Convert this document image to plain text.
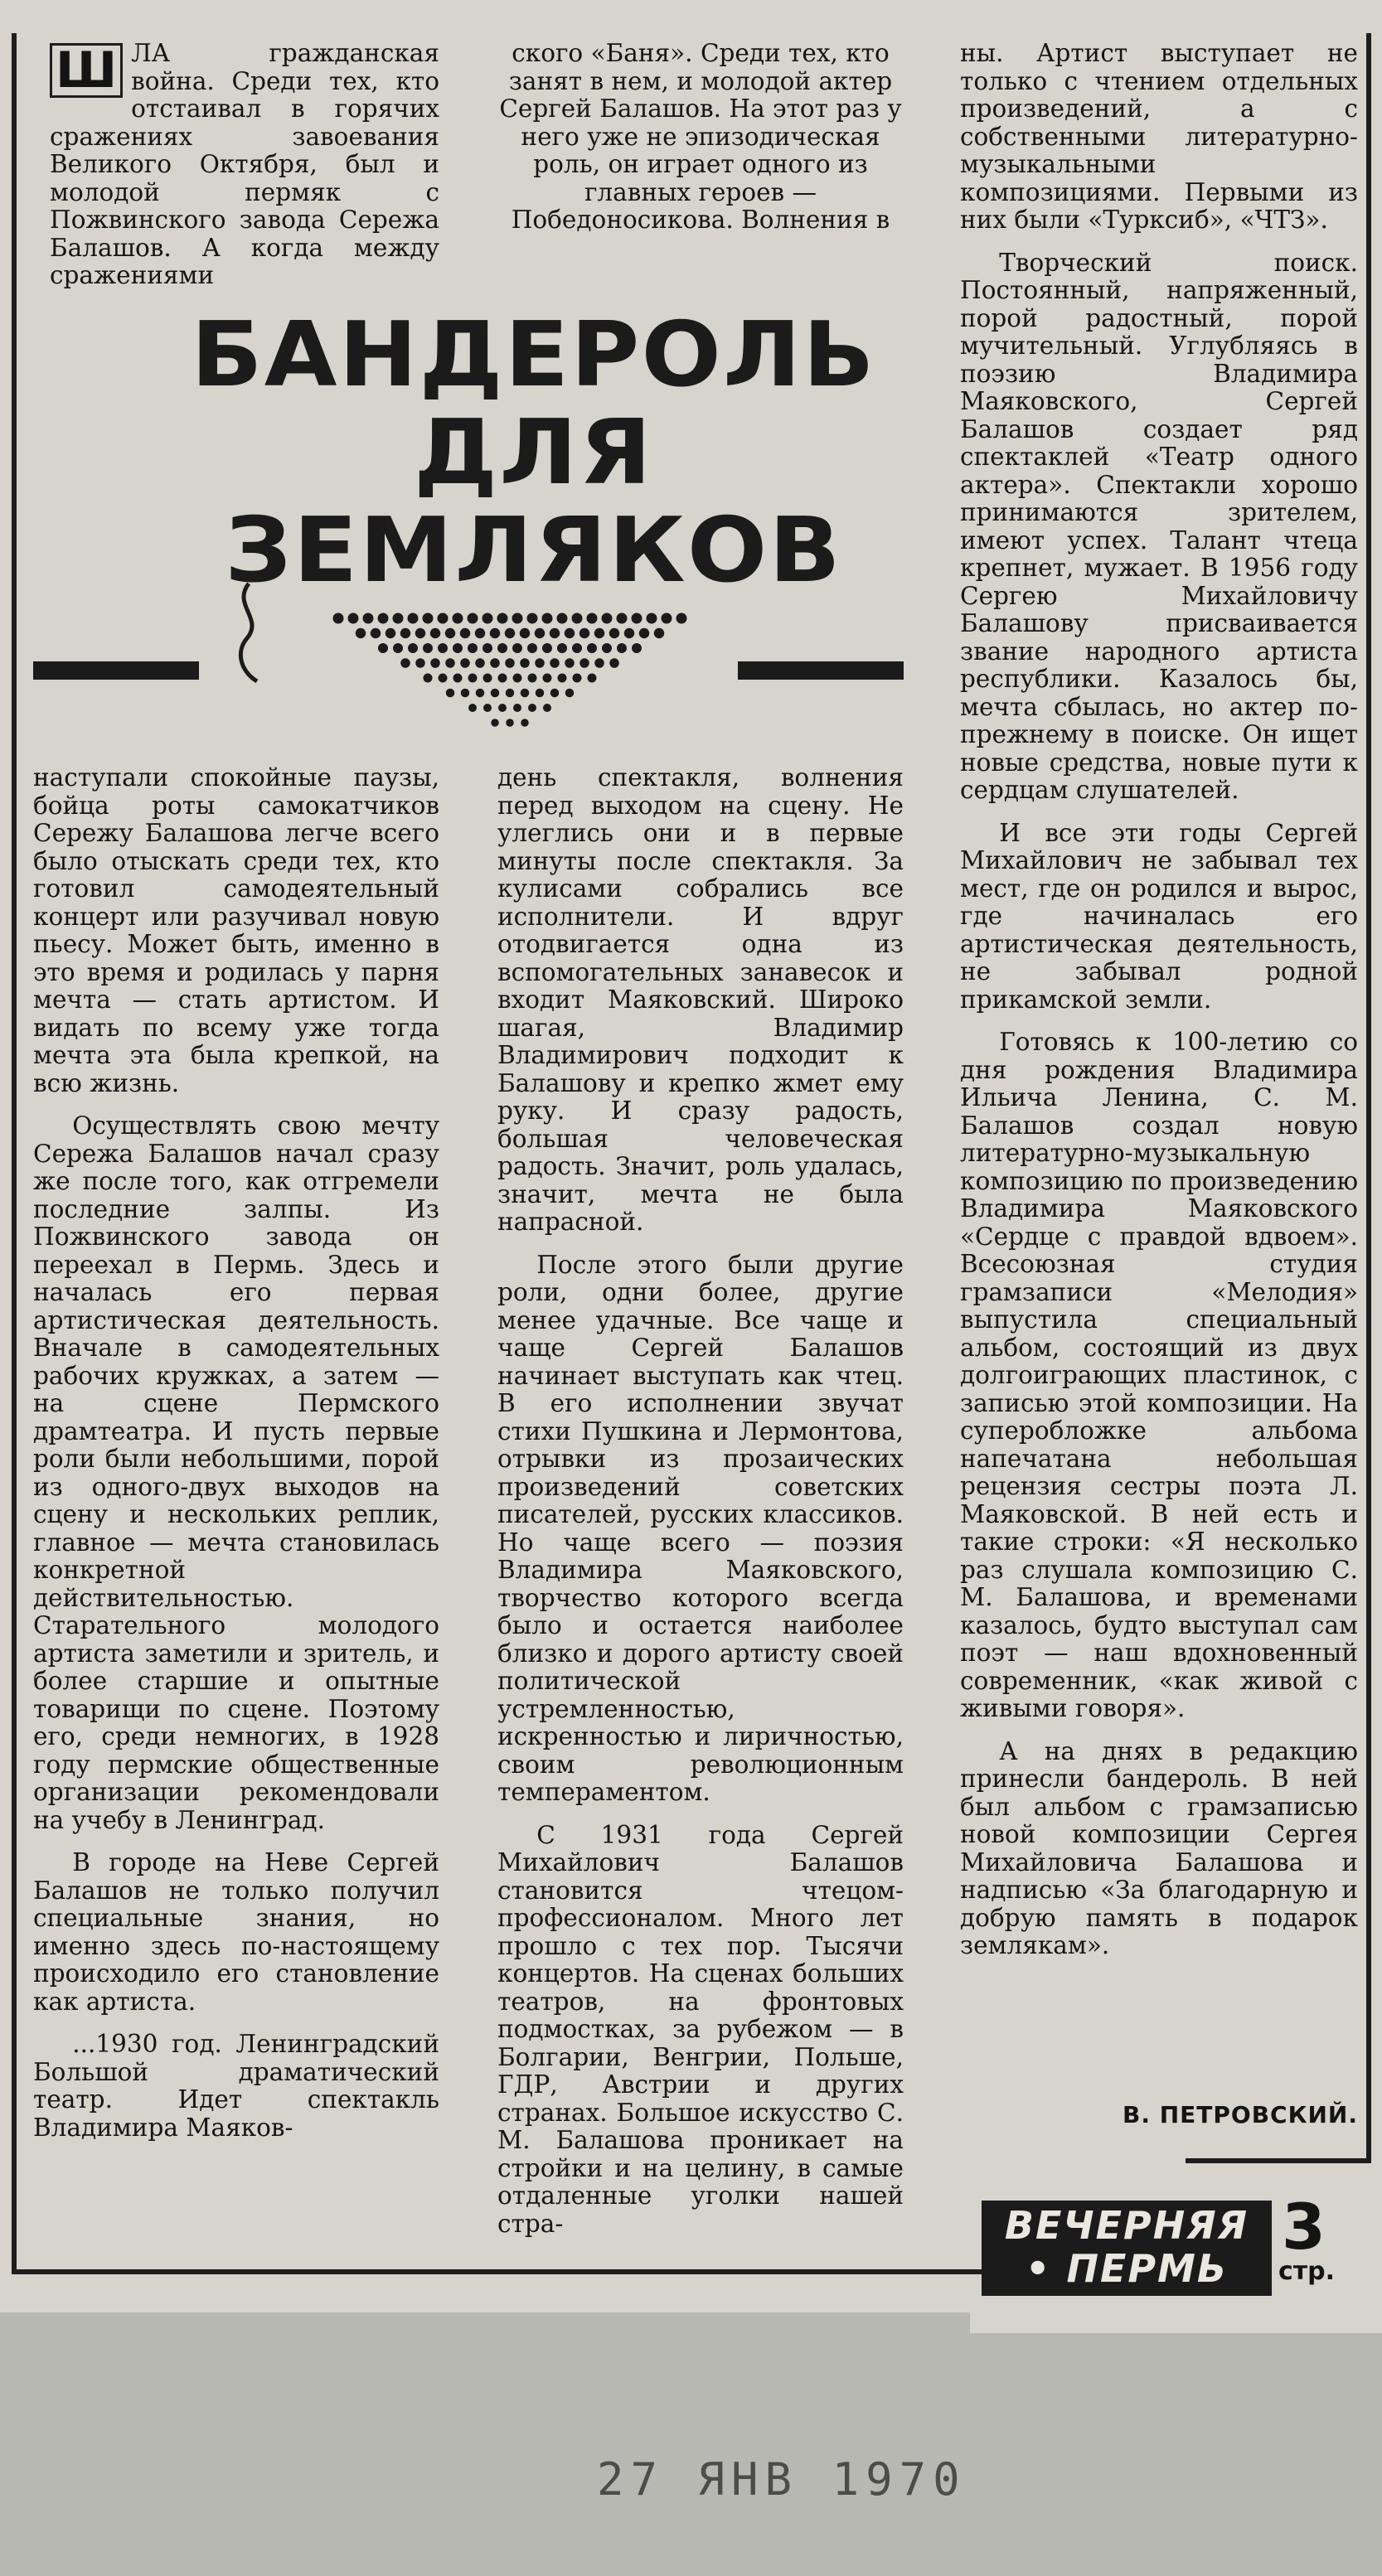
Ш ЛА гражданская война. Среди тех, кто отстаивал в горячих сражениях завоевания Великого Октября, был и молодой пермяк с Пожвинского завода Сережа Балашов. А когда между сражениями

ского «Баня». Среди тех, кто занят в нем, и молодой актер Сергей Балашов. На этот раз у него уже не эпизодическая роль, он играет одного из главных героев — Победоносикова. Волнения в

БАНДЕРОЛЬ
ДЛЯ ЗЕМЛЯКОВ

наступали спокойные паузы, бойца роты самокатчиков Сережу Балашова легче всего было отыскать среди тех, кто готовил самодеятельный концерт или разучивал новую пьесу. Может быть, именно в это время и родилась у парня мечта — стать артистом. И видать по всему уже тогда мечта эта была крепкой, на всю жизнь.

Осуществлять свою мечту Сережа Балашов начал сразу же после того, как отгремели последние залпы. Из Пожвинского завода он переехал в Пермь. Здесь и началась его первая артистическая деятельность. Вначале в самодеятельных рабочих кружках, а затем — на сцене Пермского драмтеатра. И пусть первые роли были небольшими, порой из одного-двух выходов на сцену и нескольких реплик, главное — мечта становилась конкретной действительностью. Старательного молодого артиста заметили и зритель, и более старшие и опытные товарищи по сцене. Поэтому его, среди немногих, в 1928 году пермские общественные организации рекомендовали на учебу в Ленинград.

В городе на Неве Сергей Балашов не только получил специальные знания, но именно здесь по-настоящему происходило его становление как артиста.

...1930 год. Ленинградский Большой драматический театр. Идет спектакль Владимира Маяков-

день спектакля, волнения перед выходом на сцену. Не улеглись они и в первые минуты после спектакля. За кулисами собрались все исполнители. И вдруг отодвигается одна из вспомогательных занавесок и входит Маяковский. Широко шагая, Владимир Владимирович подходит к Балашову и крепко жмет ему руку. И сразу радость, большая человеческая радость. Значит, роль удалась, значит, мечта не была напрасной.

После этого были другие роли, одни более, другие менее удачные. Все чаще и чаще Сергей Балашов начинает выступать как чтец. В его исполнении звучат стихи Пушкина и Лермонтова, отрывки из прозаических произведений советских писателей, русских классиков. Но чаще всего — поэзия Владимира Маяковского, творчество которого всегда было и остается наиболее близко и дорого артисту своей политической устремленностью, искренностью и лиричностью, своим революционным темпераментом.

С 1931 года Сергей Михайлович Балашов становится чтецом-профессионалом. Много лет прошло с тех пор. Тысячи концертов. На сценах больших театров, на фронтовых подмостках, за рубежом — в Болгарии, Венгрии, Польше, ГДР, Австрии и других странах. Большое искусство С. М. Балашова проникает на стройки и на целину, в самые отдаленные уголки нашей стра-

ны. Артист выступает не только с чтением отдельных произведений, а с собственными литературно-музыкальными композициями. Первыми из них были «Турксиб», «ЧТЗ».

Творческий поиск. Постоянный, напряженный, порой радостный, порой мучительный. Углубляясь в поэзию Владимира Маяковского, Сергей Балашов создает ряд спектаклей «Театр одного актера». Спектакли хорошо принимаются зрителем, имеют успех. Талант чтеца крепнет, мужает. В 1956 году Сергею Михайловичу Балашову присваивается звание народного артиста республики. Казалось бы, мечта сбылась, но актер по-прежнему в поиске. Он ищет новые средства, новые пути к сердцам слушателей.

И все эти годы Сергей Михайлович не забывал тех мест, где он родился и вырос, где начиналась его артистическая деятельность, не забывал родной прикамской земли.

Готовясь к 100-летию со дня рождения Владимира Ильича Ленина, С. М. Балашов создал новую литературно-музыкальную композицию по произведению Владимира Маяковского «Сердце с правдой вдвоем». Всесоюзная студия грамзаписи «Мелодия» выпустила специальный альбом, состоящий из двух долгоиграющих пластинок, с записью этой композиции. На суперобложке альбома напечатана небольшая рецензия сестры поэта Л. Маяковской. В ней есть и такие строки: «Я несколько раз слушала композицию С. М. Балашова, и временами казалось, будто выступал сам поэт — наш вдохновенный современник, «как живой с живыми говоря».

А на днях в редакцию принесли бандероль. В ней был альбом с грамзаписью новой композиции Сергея Михайловича Балашова и надписью «За благодарную и добрую память в подарок землякам».

В. ПЕТРОВСКИЙ.
ВЕЧЕРНЯЯ
• ПЕРМЬ
3
стр.
27 ЯНВ 1970
